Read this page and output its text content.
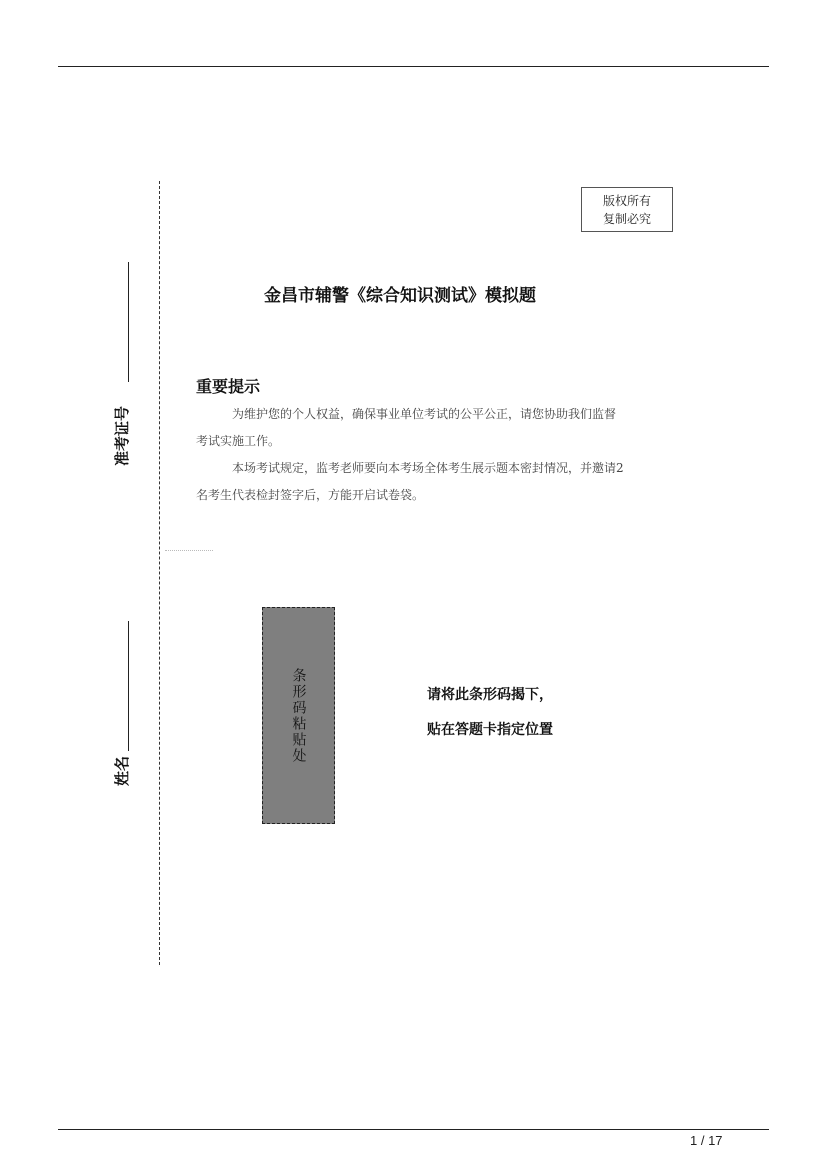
准考证号
姓名
版权所有
复制必究
金昌市辅警《综合知识测试》模拟题
重要提示

为维护您的个人权益，确保事业单位考试的公平公正，请您协助我们监督考试实施工作。

本场考试规定，监考老师要向本考场全体考生展示题本密封情况，并邀请2名考生代表检封签字后，方能开启试卷袋。

条形码粘贴处	请将此条形码揭下，
贴在答题卡指定位置
1 / 17
